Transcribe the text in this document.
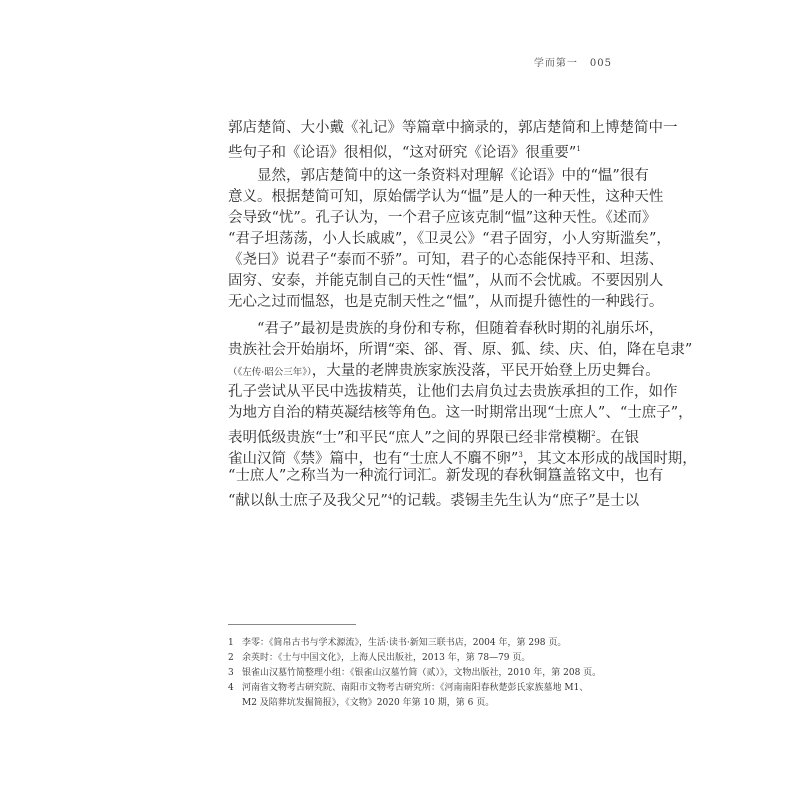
学而第一 005
郭店楚简、大小戴《礼记》等篇章中摘录的，郭店楚简和上博楚简中一
些句子和《论语》很相似，“这对研究《论语》很重要”$^1$
显然，郭店楚简中的这一条资料对理解《论语》中的“愠”很有
意义。根据楚简可知，原始儒学认为“愠”是人的一种天性，这种天性
会导致“忧”。孔子认为，一个君子应该克制“愠”这种天性。《述而》
“君子坦荡荡，小人长戚戚”，《卫灵公》“君子固穷，小人穷斯滥矣”，
《尧曰》说君子“泰而不骄”。可知，君子的心态能保持平和、坦荡、
固穷、安泰，并能克制自己的天性“愠”，从而不会忧戚。不要因别人
无心之过而愠怒，也是克制天性之“愠”，从而提升德性的一种践行。
“君子”最初是贵族的身份和专称，但随着春秋时期的礼崩乐坏，
贵族社会开始崩坏，所谓“栾、郤、胥、原、狐、续、庆、伯，降在皂隶”
（《左传·昭公三年》），大量的老牌贵族家族没落，平民开始登上历史舞台。
孔子尝试从平民中选拔精英，让他们去肩负过去贵族承担的工作，如作
为地方自治的精英凝结核等角色。这一时期常出现“士庶人”、“士庶子”，
表明低级贵族“士”和平民“庶人”之间的界限已经非常模糊$^2$。在银
雀山汉简《禁》篇中，也有“士庶人不麛不卵”$^3$，其文本形成的战国时期，
“士庶人”之称当为一种流行词汇。新发现的春秋铜簋盖铭文中，也有
“献以飤士庶子及我父兄”$^4$的记载。裘锡圭先生认为“庶子”是士以
1 李零：《简帛古书与学术源流》，生活·读书·新知三联书店，2004 年，第 298 页。
2 余英时：《士与中国文化》，上海人民出版社，2013 年，第 78—79 页。
3 银雀山汉墓竹简整理小组：《银雀山汉墓竹简（贰）》，文物出版社，2010 年，第 208 页。
4 河南省文物考古研究院、南阳市文物考古研究所：《河南南阳春秋楚彭氏家族墓地 M1、
M2 及陪葬坑发掘简报》，《文物》2020 年第 10 期，第 6 页。
